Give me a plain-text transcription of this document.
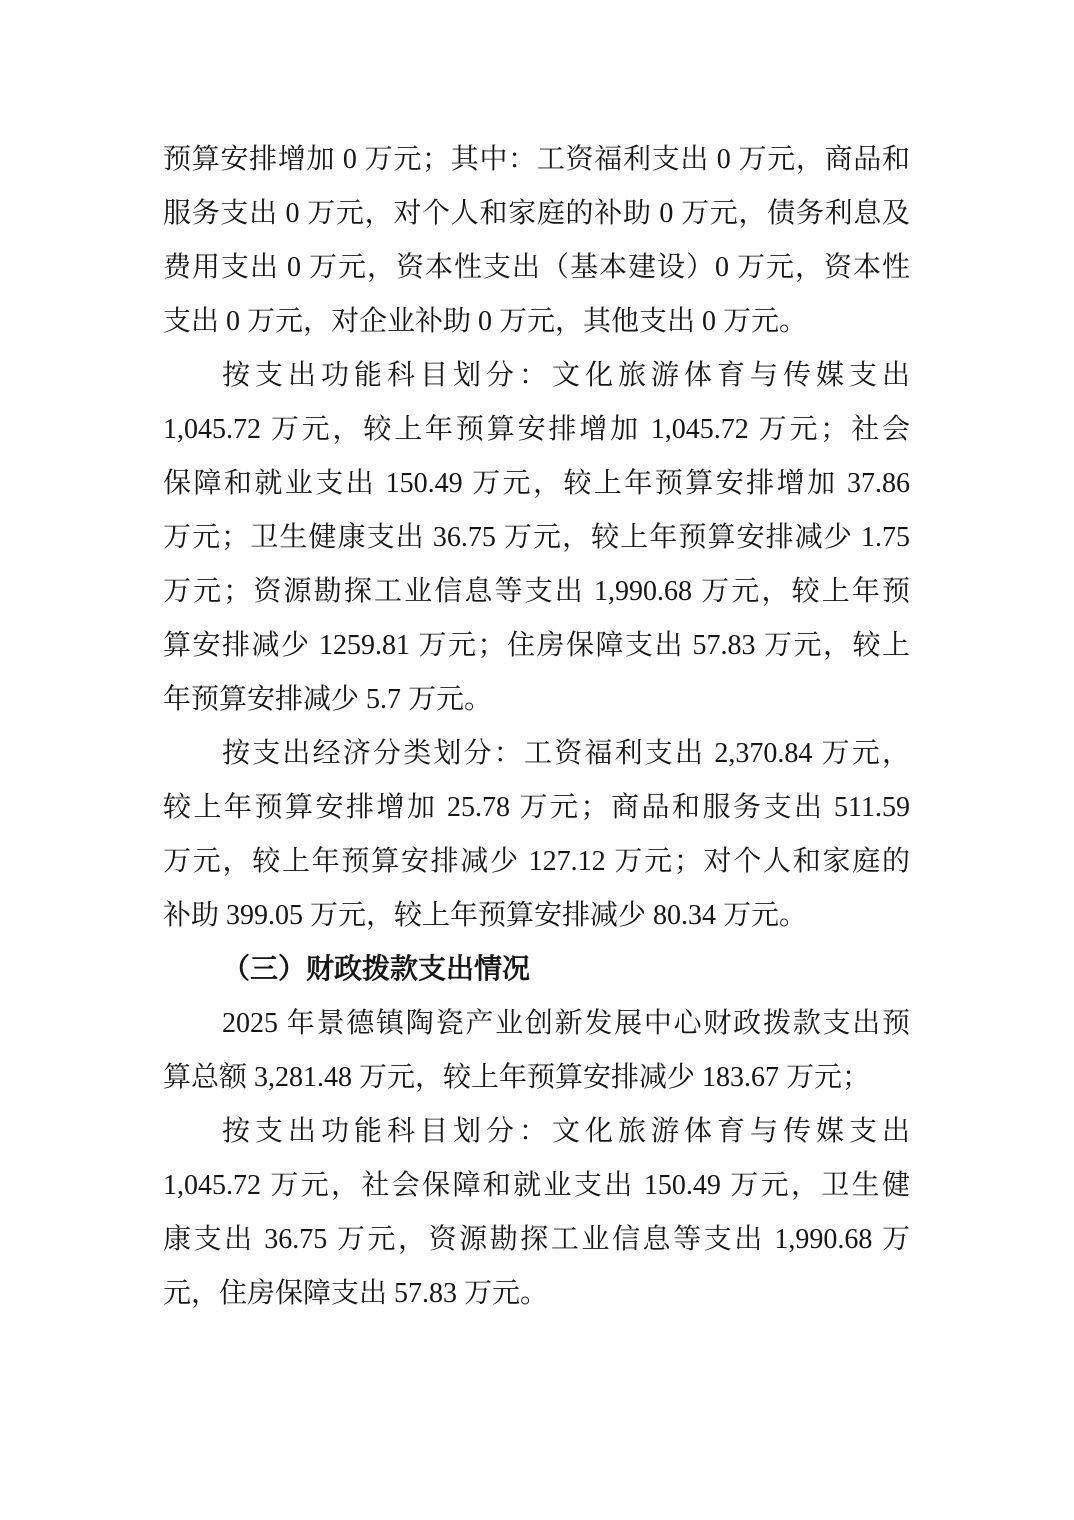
预算安排增加 0 万元；其中：工资福利支出 0 万元，商品和
服务支出 0 万元，对个人和家庭的补助 0 万元，债务利息及
费用支出 0 万元，资本性支出（基本建设）0 万元，资本性
支出 0 万元，对企业补助 0 万元，其他支出 0 万元。
按支出功能科目划分：文化旅游体育与传媒支出
1,045.72 万元，较上年预算安排增加 1,045.72 万元；社会
保障和就业支出 150.49 万元，较上年预算安排增加 37.86
万元；卫生健康支出 36.75 万元，较上年预算安排减少 1.75
万元；资源勘探工业信息等支出 1,990.68 万元，较上年预
算安排减少 1259.81 万元；住房保障支出 57.83 万元，较上
年预算安排减少 5.7 万元。
按支出经济分类划分：工资福利支出 2,370.84 万元，
较上年预算安排增加 25.78 万元；商品和服务支出 511.59
万元，较上年预算安排减少 127.12 万元；对个人和家庭的
补助 399.05 万元，较上年预算安排减少 80.34 万元。
（三）财政拨款支出情况
2025 年景德镇陶瓷产业创新发展中心财政拨款支出预
算总额 3,281.48 万元，较上年预算安排减少 183.67 万元；
按支出功能科目划分：文化旅游体育与传媒支出
1,045.72 万元，社会保障和就业支出 150.49 万元，卫生健
康支出 36.75 万元，资源勘探工业信息等支出 1,990.68 万
元，住房保障支出 57.83 万元。
